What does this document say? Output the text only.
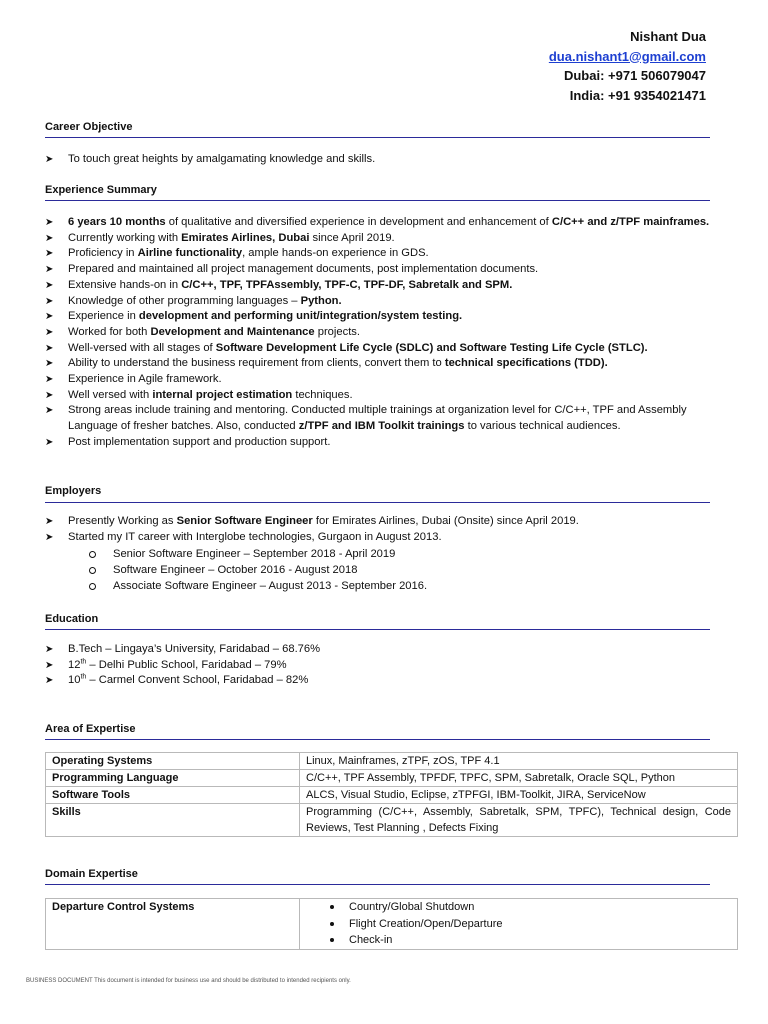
Nishant Dua
dua.nishant1@gmail.com
Dubai: +971 506079047
India: +91 9354021471
Career Objective
➤ To touch great heights by amalgamating knowledge and skills.
Experience Summary
➤ 6 years 10 months of qualitative and diversified experience in development and enhancement of C/C++ and z/TPF mainframes.
➤ Currently working with Emirates Airlines, Dubai since April 2019.
➤ Proficiency in Airline functionality, ample hands-on experience in GDS.
➤ Prepared and maintained all project management documents, post implementation documents.
➤ Extensive hands-on in C/C++, TPF, TPFAssembly, TPF-C, TPF-DF, Sabretalk and SPM.
➤ Knowledge of other programming languages – Python.
➤ Experience in development and performing unit/integration/system testing.
➤ Worked for both Development and Maintenance projects.
➤ Well-versed with all stages of Software Development Life Cycle (SDLC) and Software Testing Life Cycle (STLC).
➤ Ability to understand the business requirement from clients, convert them to technical specifications (TDD).
➤ Experience in Agile framework.
➤ Well versed with internal project estimation techniques.
➤ Strong areas include training and mentoring. Conducted multiple trainings at organization level for C/C++, TPF and Assembly Language of fresher batches. Also, conducted z/TPF and IBM Toolkit trainings to various technical audiences.
➤ Post implementation support and production support.
Employers
➤ Presently Working as Senior Software Engineer for Emirates Airlines, Dubai (Onsite) since April 2019.
➤ Started my IT career with Interglobe technologies, Gurgaon in August 2013.
Senior Software Engineer – September 2018 - April 2019
Software Engineer – October 2016 - August 2018
Associate Software Engineer – August 2013 - September 2016.
Education
➤ B.Tech – Lingaya’s University, Faridabad – 68.76%
➤ 12th – Delhi Public School, Faridabad – 79%
➤ 10th – Carmel Convent School, Faridabad – 82%
Area of Expertise
Operating Systems	Linux, Mainframes, zTPF, zOS, TPF 4.1
Programming Language	C/C++, TPF Assembly, TPFDF, TPFC, SPM, Sabretalk, Oracle SQL, Python
Software Tools	ALCS, Visual Studio, Eclipse, zTPFGI, IBM-Toolkit, JIRA, ServiceNow
Skills	Programming (C/C++, Assembly, Sabretalk, SPM, TPFC), Technical design, Code Reviews, Test Planning , Defects Fixing
Domain Expertise
Departure Control Systems	Country/Global Shutdown
Flight Creation/Open/Departure
Check-in
BUSINESS DOCUMENT This document is intended for business use and should be distributed to intended recipients only.
